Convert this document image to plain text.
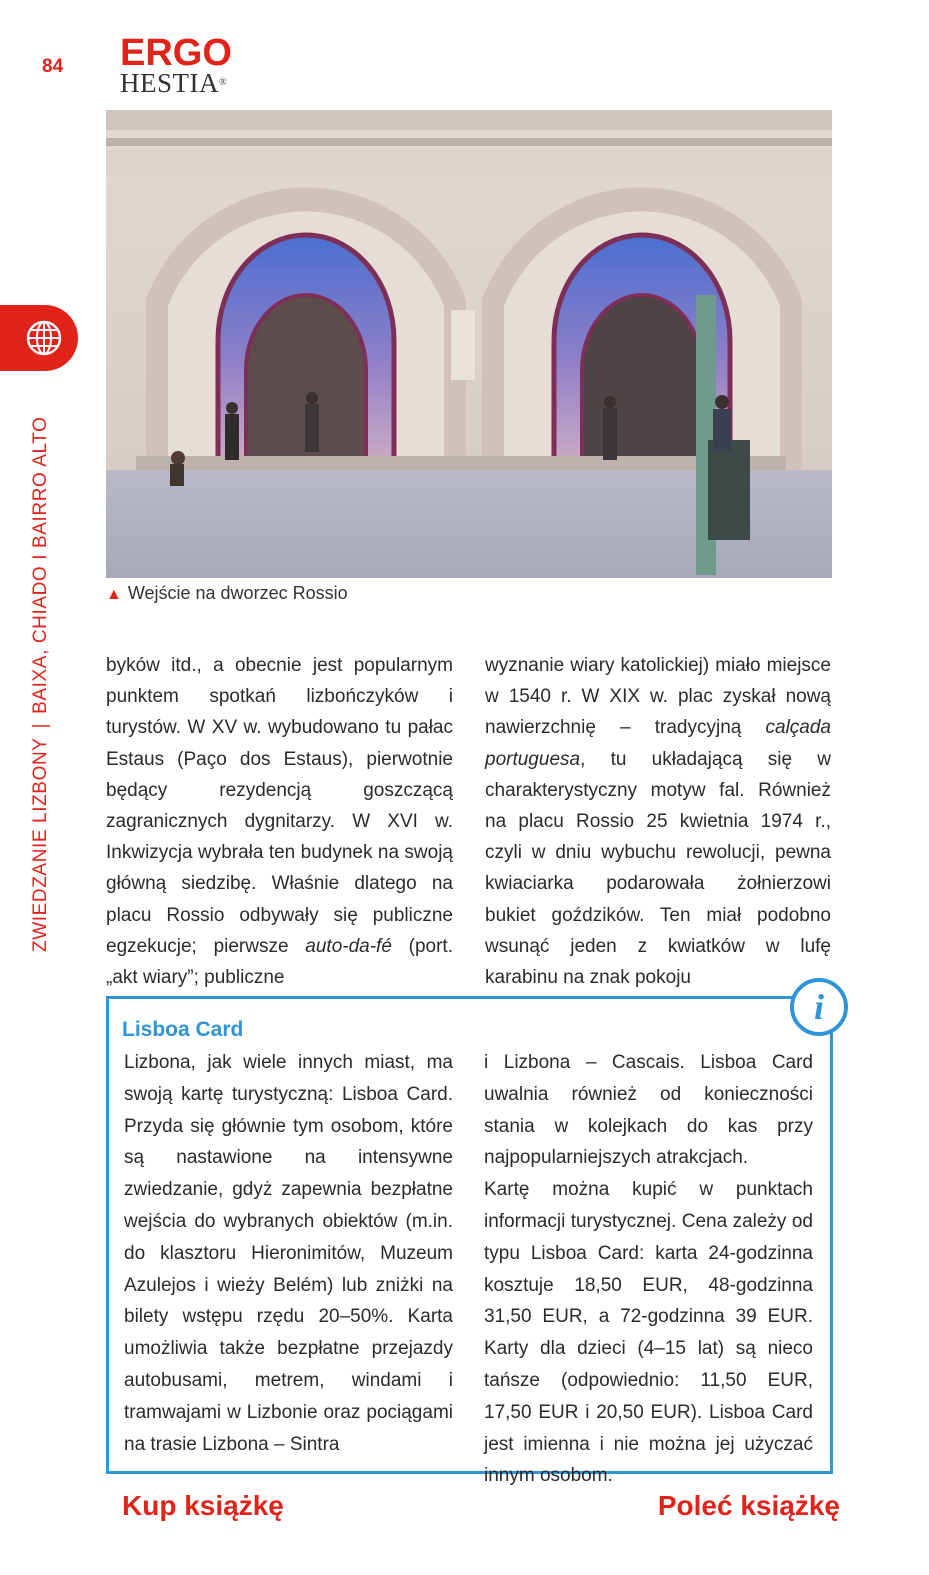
84 ERGO
HESTIA®
ZWIEDZANIE LIZBONY|BAIXA, CHIADO I BAIRRO ALTO	▲ Wejście na dworzec Rossio

byków itd., a obecnie jest popularnym punktem spotkań lizbończyków i turystów. W XV w. wybudowano tu pałac Estaus (Paço dos Estaus), pierwotnie będący rezydencją goszczącą zagranicznych dygnitarzy. W XVI w. Inkwizycja wybrała ten budynek na swoją główną siedzibę. Właśnie dlatego na placu Rossio odbywały się publiczne egzekucje; pierwsze auto-da-fé (port. „akt wiary”; publiczne

wyznanie wiary katolickiej) miało miejsce w 1540 r. W XIX w. plac zyskał nową nawierzchnię – tradycyjną calçada portuguesa, tu układającą się w charakterystyczny motyw fal. Również na placu Rossio 25 kwietnia 1974 r., czyli w dniu wybuchu rewolucji, pewna kwiaciarka podarowała żołnierzowi bukiet goździków. Ten miał podobno wsunąć jeden z kwiatków w lufę karabinu na znak pokoju

i
Lisboa Card

Lizbona, jak wiele innych miast, ma swoją kartę turystyczną: Lisboa Card. Przyda się głównie tym osobom, które są nastawione na intensywne zwiedzanie, gdyż zapewnia bezpłatne wejścia do wybranych obiektów (m.in. do klasztoru Hieronimitów, Muzeum Azulejos i wieży Belém) lub zniżki na bilety wstępu rzędu 20–50%. Karta umożliwia także bezpłatne przejazdy autobusami, metrem, windami i tramwajami w Lizbonie oraz pociągami na trasie Lizbona – Sintra

i Lizbona – Cascais. Lisboa Card uwalnia również od konieczności stania w kolejkach do kas przy najpopularniejszych atrakcjach.

Kartę można kupić w punktach informacji turystycznej. Cena zależy od typu Lisboa Card: karta 24-godzinna kosztuje 18,50 EUR, 48-godzinna 31,50 EUR, a 72-godzinna 39 EUR. Karty dla dzieci (4–15 lat) są nieco tańsze (odpowiednio: 11,50 EUR, 17,50 EUR i 20,50 EUR). Lisboa Card jest imienna i nie można jej użyczać innym osobom.

Kup książkę	Poleć książkę
